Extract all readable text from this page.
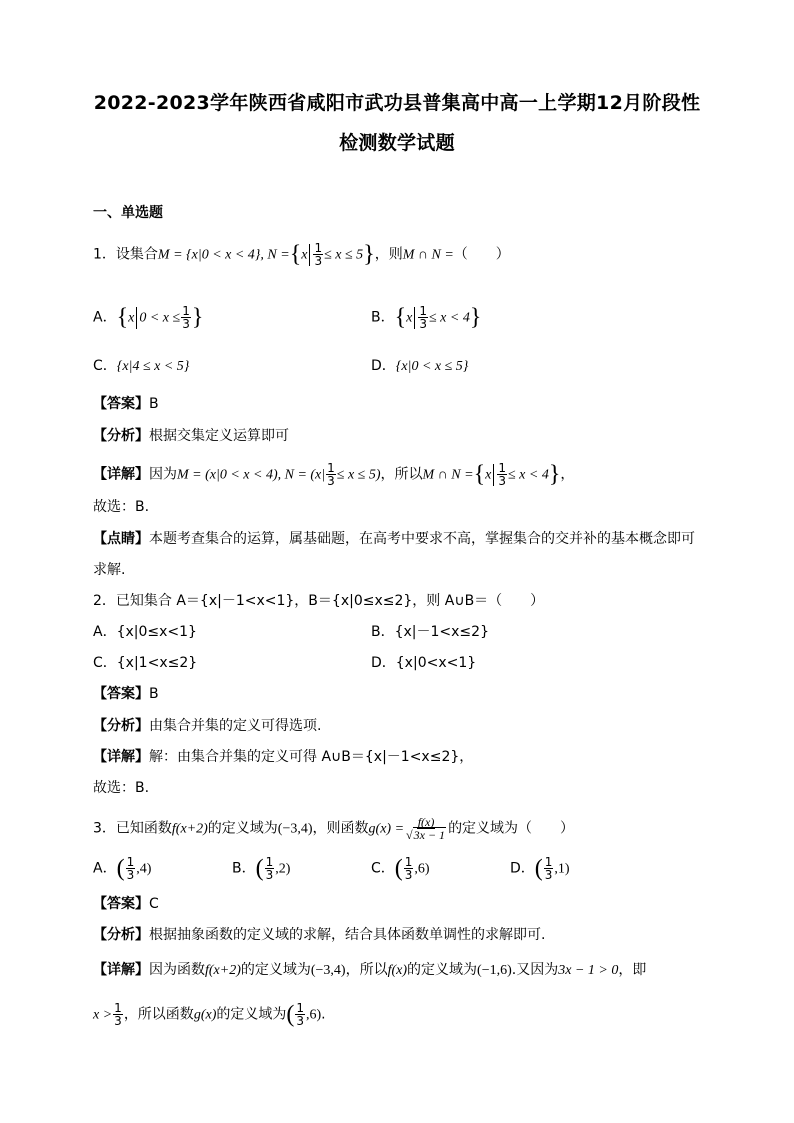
2022-2023学年陕西省咸阳市武功县普集高中高一上学期12月阶段性
检测数学试题
一、单选题
1．设集合M = {x|0 < x < 4}, $N =\{x \frac{1}{3} \le x \le 5\}$，则M ∩ N =（　　）
A．{x $0 < x \le \frac{1}{3}$ }	B．$\{x \frac{1}{3} \le x < 4\}$
C．{x|4 ≤ x < 5}	D．{x|0 < x ≤ 5}
【答案】B
【分析】根据交集定义运算即可
【详解】因为M = (x|0 < x < 4), $N = (x| \frac{1}{3} \le x \le 5)$，所以M ∩ $N =\{x \frac{1}{3} \le x < 4\}$，
故选：B.
【点睛】本题考查集合的运算，属基础题，在高考中要求不高，掌握集合的交并补的基本概念即可
求解.
2．已知集合 A＝{x|－1<x<1}，B＝{x|0≤x≤2}，则 A∪B＝（　　）
A．{x|0≤x<1}	B．{x|－1<x≤2}
C．{x|1<x≤2}	D．{x|0<x<1}
【答案】B
【分析】由集合并集的定义可得选项.
【详解】解：由集合并集的定义可得 A∪B＝{x|－1<x≤2}，
故选：B.
3．已知函数f(x+2)的定义域为(−3,4)，则函数$g(x) = \frac{f(x)}{√3x - 1}$ 的定义域为（　　）
A．( $\frac{1}{3} ,4$)	B．( $\frac{1}{3} ,2$)	C．( $\frac{1}{3} ,6$)	D．( $\frac{1}{3} ,1$)
【答案】C
【分析】根据抽象函数的定义域的求解，结合具体函数单调性的求解即可.
【详解】因为函数f(x+2)的定义域为(−3,4)，所以f(x)的定义域为(−1,6).又因为3x − 1 > 0，即
$x > \frac{1}{3}$ ，所以函数g(x)的定义域为( $\frac{1}{3} ,6$).
